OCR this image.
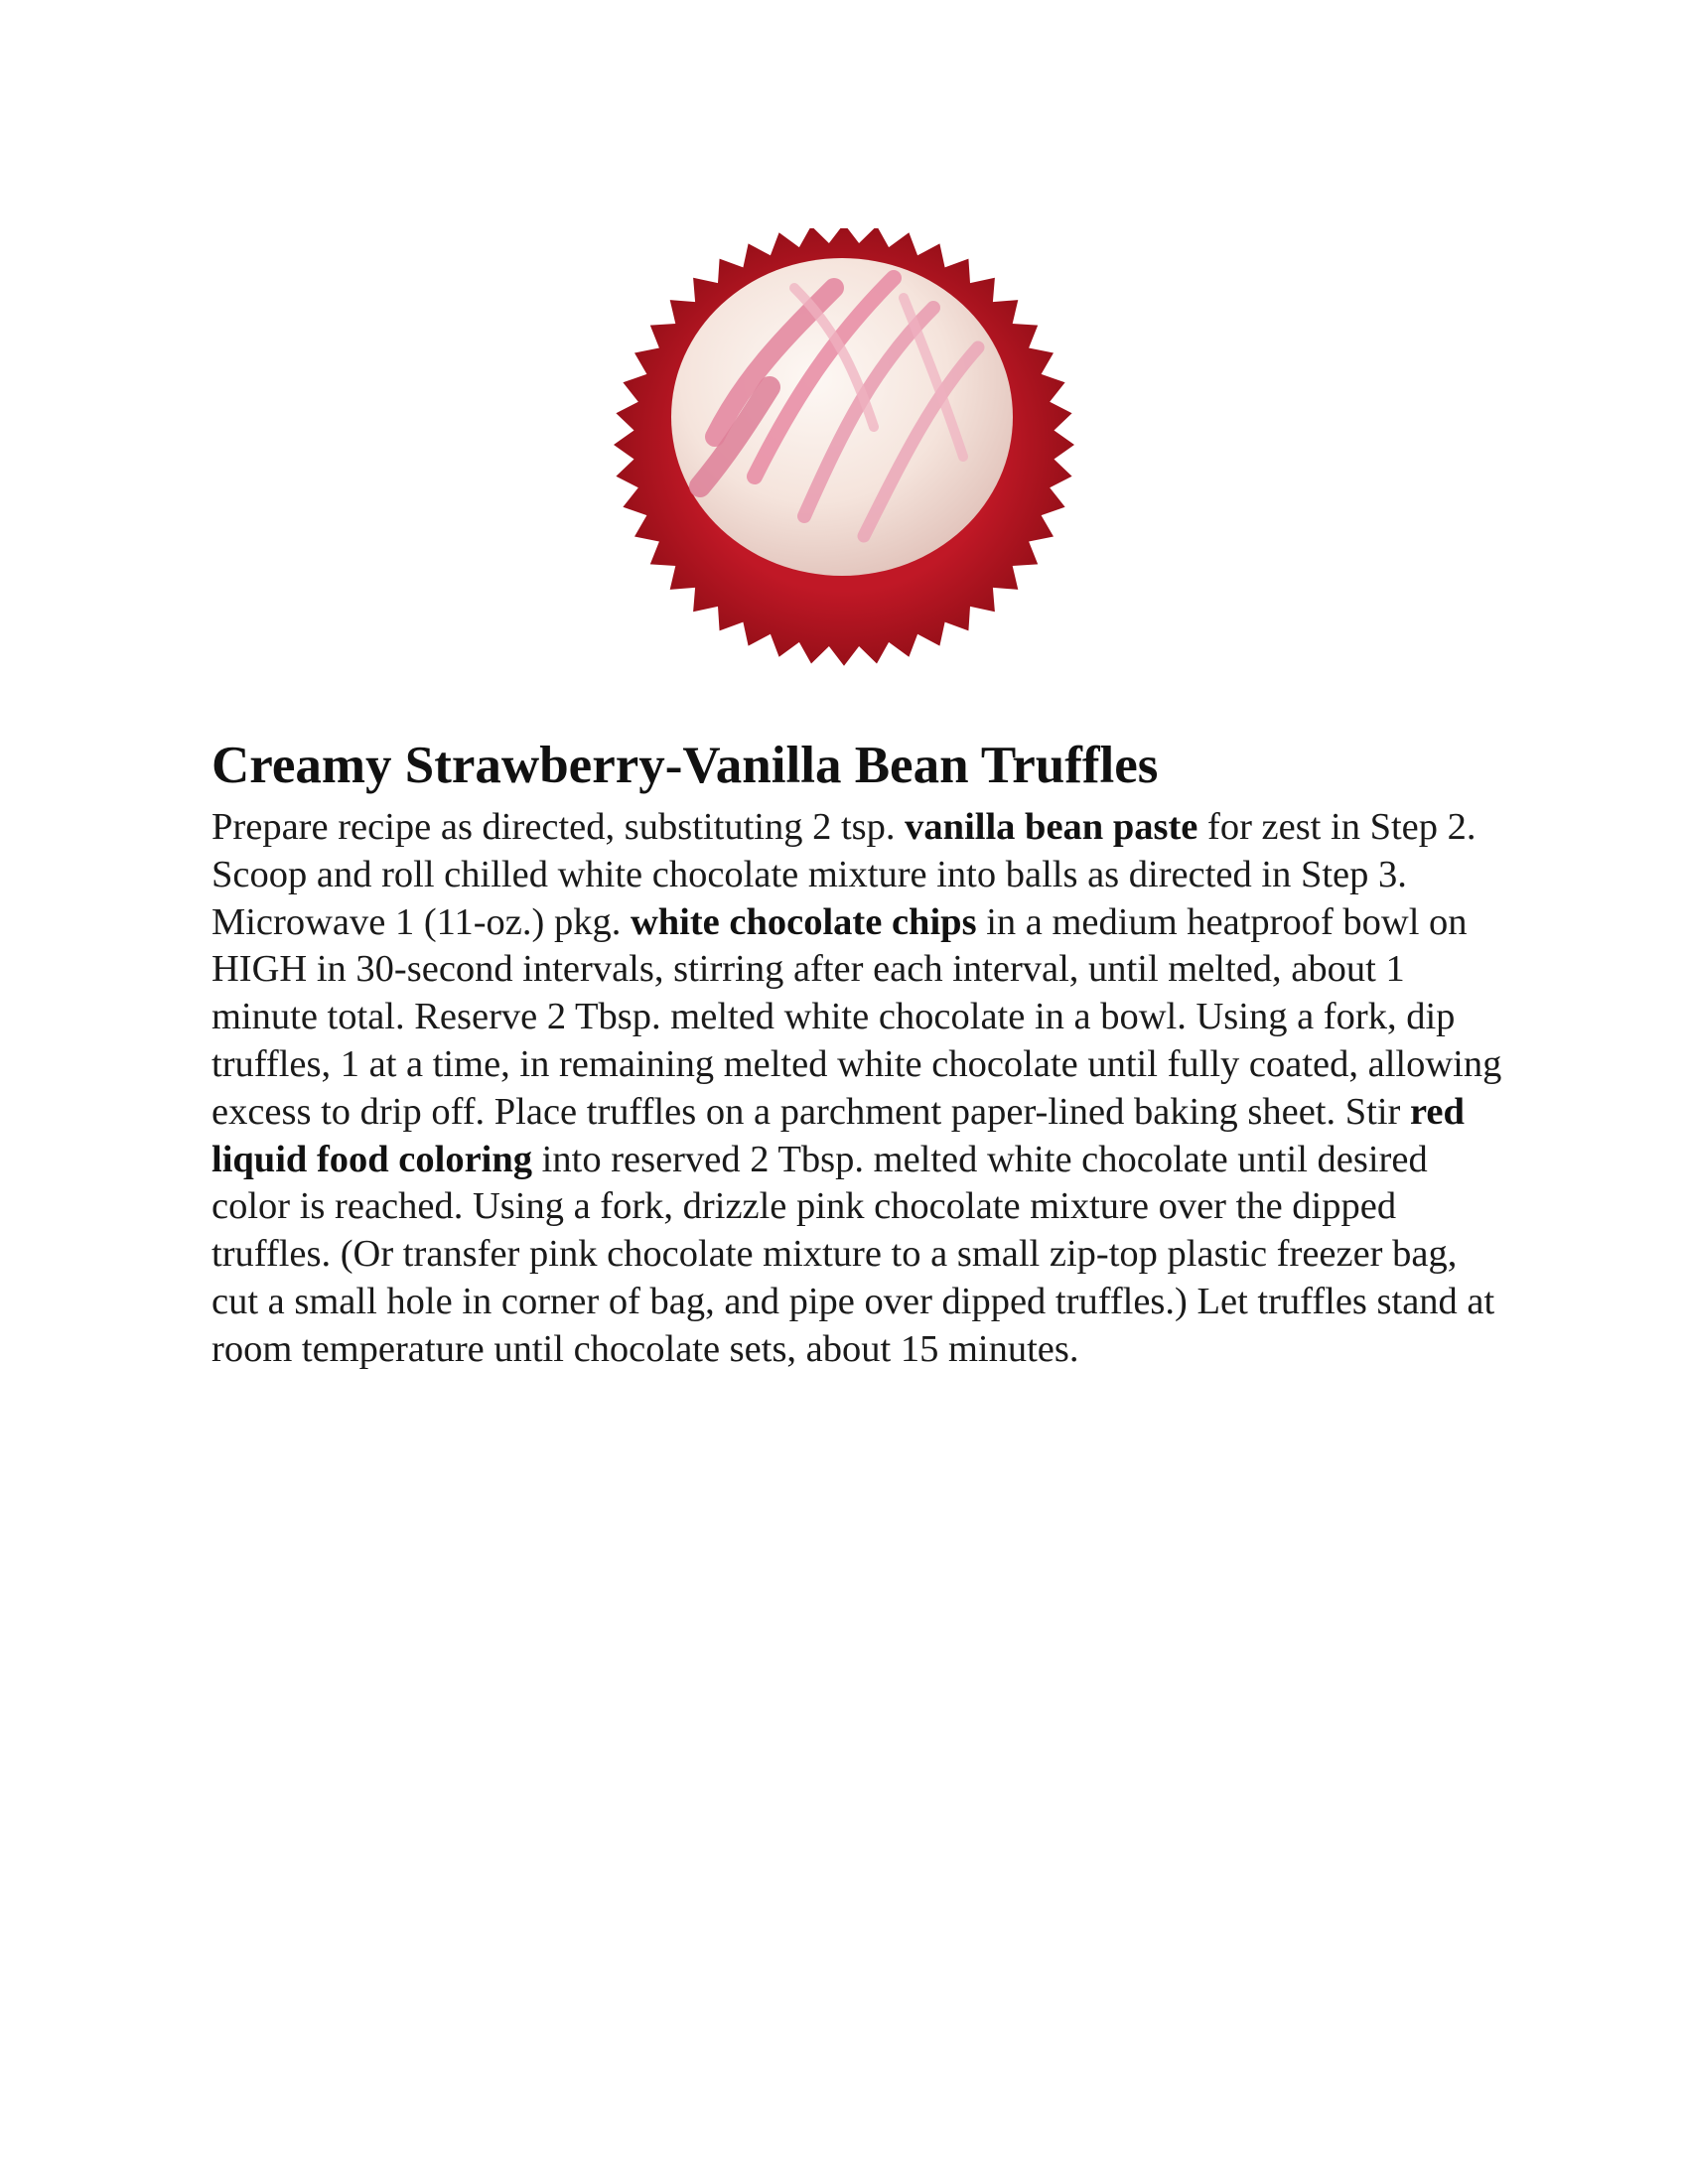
Creamy Strawberry-Vanilla Bean Truffles

Prepare recipe as directed, substituting 2 tsp. vanilla bean paste for zest in Step 2. Scoop and roll chilled white chocolate mixture into balls as directed in Step 3. Microwave 1 (11-oz.) pkg. white chocolate chips in a medium heatproof bowl on HIGH in 30-second intervals, stirring after each interval, until melted, about 1 minute total. Reserve 2 Tbsp. melted white chocolate in a bowl. Using a fork, dip truffles, 1 at a time, in remaining melted white chocolate until fully coated, allowing excess to drip off. Place truffles on a parchment paper-lined baking sheet. Stir red liquid food coloring into reserved 2 Tbsp. melted white chocolate until desired color is reached. Using a fork, drizzle pink chocolate mixture over the dipped truffles. (Or transfer pink chocolate mixture to a small zip-top plastic freezer bag, cut a small hole in corner of bag, and pipe over dipped truffles.) Let truffles stand at room temperature until chocolate sets, about 15 minutes.
